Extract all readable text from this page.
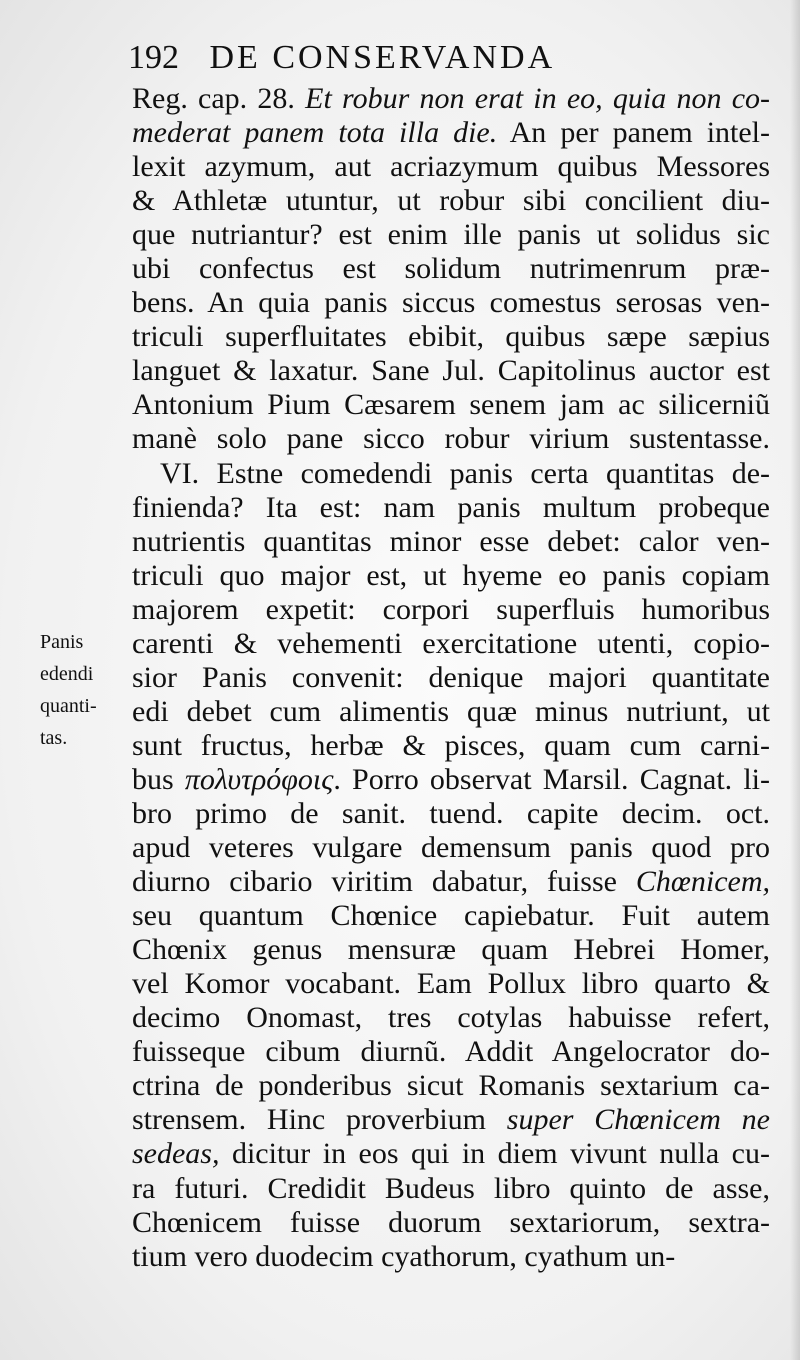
192 DE CONSERVANDA
Panis
edendi
quanti-
tas.
Reg. cap. 28. Et robur non erat in eo, quia non co-
mederat panem tota illa die. An per panem intel-
lexit azymum, aut acriazymum quibus Messores
& Athletæ utuntur, ut robur sibi concilient diu-
que nutriantur? est enim ille panis ut solidus sic
ubi confectus est solidum nutrimenrum præ-
bens. An quia panis siccus comestus serosas ven-
triculi superfluitates ebibit, quibus sæpe sæpius
languet & laxatur. Sane Jul. Capitolinus auctor est
Antonium Pium Cæsarem senem jam ac silicerniũ
manè solo pane sicco robur virium sustentasse.
VI. Estne comedendi panis certa quantitas de-
finienda? Ita est: nam panis multum probeque
nutrientis quantitas minor esse debet: calor ven-
triculi quo major est, ut hyeme eo panis copiam
majorem expetit: corpori superfluis humoribus
carenti & vehementi exercitatione utenti, copio-
sior Panis convenit: denique majori quantitate
edi debet cum alimentis quæ minus nutriunt, ut
sunt fructus, herbæ & pisces, quam cum carni-
bus πολυτρόφοις. Porro observat Marsil. Cagnat. li-
bro primo de sanit. tuend. capite decim. oct.
apud veteres vulgare demensum panis quod pro
diurno cibario viritim dabatur, fuisse Chœnicem,
seu quantum Chœnice capiebatur. Fuit autem
Chœnix genus mensuræ quam Hebrei Homer,
vel Komor vocabant. Eam Pollux libro quarto &
decimo Onomast, tres cotylas habuisse refert,
fuisseque cibum diurnũ. Addit Angelocrator do-
ctrina de ponderibus sicut Romanis sextarium ca-
strensem. Hinc proverbium super Chœnicem ne
sedeas, dicitur in eos qui in diem vivunt nulla cu-
ra futuri. Credidit Budeus libro quinto de asse,
Chœnicem fuisse duorum sextariorum, sextra-
tium vero duodecim cyathorum, cyathum un-
